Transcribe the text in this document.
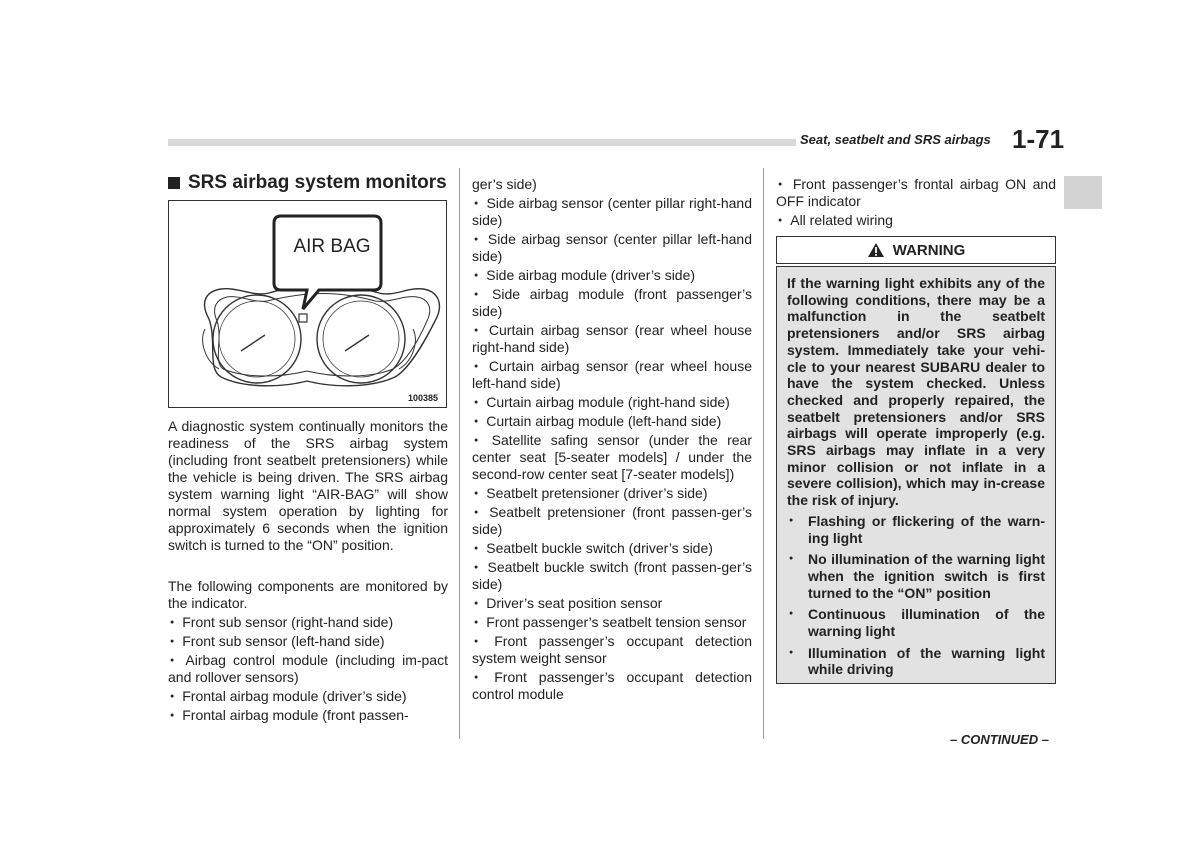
Seat, seatbelt and SRS airbags 1-71
SRS airbag system monitors
AIR BAG
100385
A diagnostic system continually monitors the readiness of the SRS airbag system (including front seatbelt pretensioners) while the vehicle is being driven. The SRS airbag system warning light “AIR-BAG” will show normal system operation by lighting for approximately 6 seconds when the ignition switch is turned to the “ON” position.
The following components are monitored by the indicator.
● Front sub sensor (right-hand side)
● Front sub sensor (left-hand side)
● Airbag control module (including im-pact and rollover sensors)
● Frontal airbag module (driver’s side)
● Frontal airbag module (front passen-
ger’s side)
● Side airbag sensor (center pillar right-hand side)
● Side airbag sensor (center pillar left-hand side)
● Side airbag module (driver’s side)
● Side airbag module (front passenger’s side)
● Curtain airbag sensor (rear wheel house right-hand side)
● Curtain airbag sensor (rear wheel house left-hand side)
● Curtain airbag module (right-hand side)
● Curtain airbag module (left-hand side)
● Satellite safing sensor (under the rear center seat [5-seater models] / under the second-row center seat [7-seater models])
● Seatbelt pretensioner (driver’s side)
● Seatbelt pretensioner (front passen-ger’s side)
● Seatbelt buckle switch (driver’s side)
● Seatbelt buckle switch (front passen-ger’s side)
● Driver’s seat position sensor
● Front passenger’s seatbelt tension sensor
● Front passenger’s occupant detection system weight sensor
● Front passenger’s occupant detection control module
● Front passenger’s frontal airbag ON and OFF indicator
● All related wiring
WARNING
If the warning light exhibits any of the following conditions, there may be a malfunction in the seatbelt pretensioners and/or SRS airbag system. Immediately take your vehi-cle to your nearest SUBARU dealer to have the system checked. Unless checked and properly repaired, the seatbelt pretensioners and/or SRS airbags will operate improperly (e.g. SRS airbags may inflate in a very minor collision or not inflate in a severe collision), which may in-crease the risk of injury.
● Flashing or flickering of the warn-ing light
● No illumination of the warning light when the ignition switch is first turned to the “ON” position
● Continuous illumination of the warning light
● Illumination of the warning light while driving
– CONTINUED –
